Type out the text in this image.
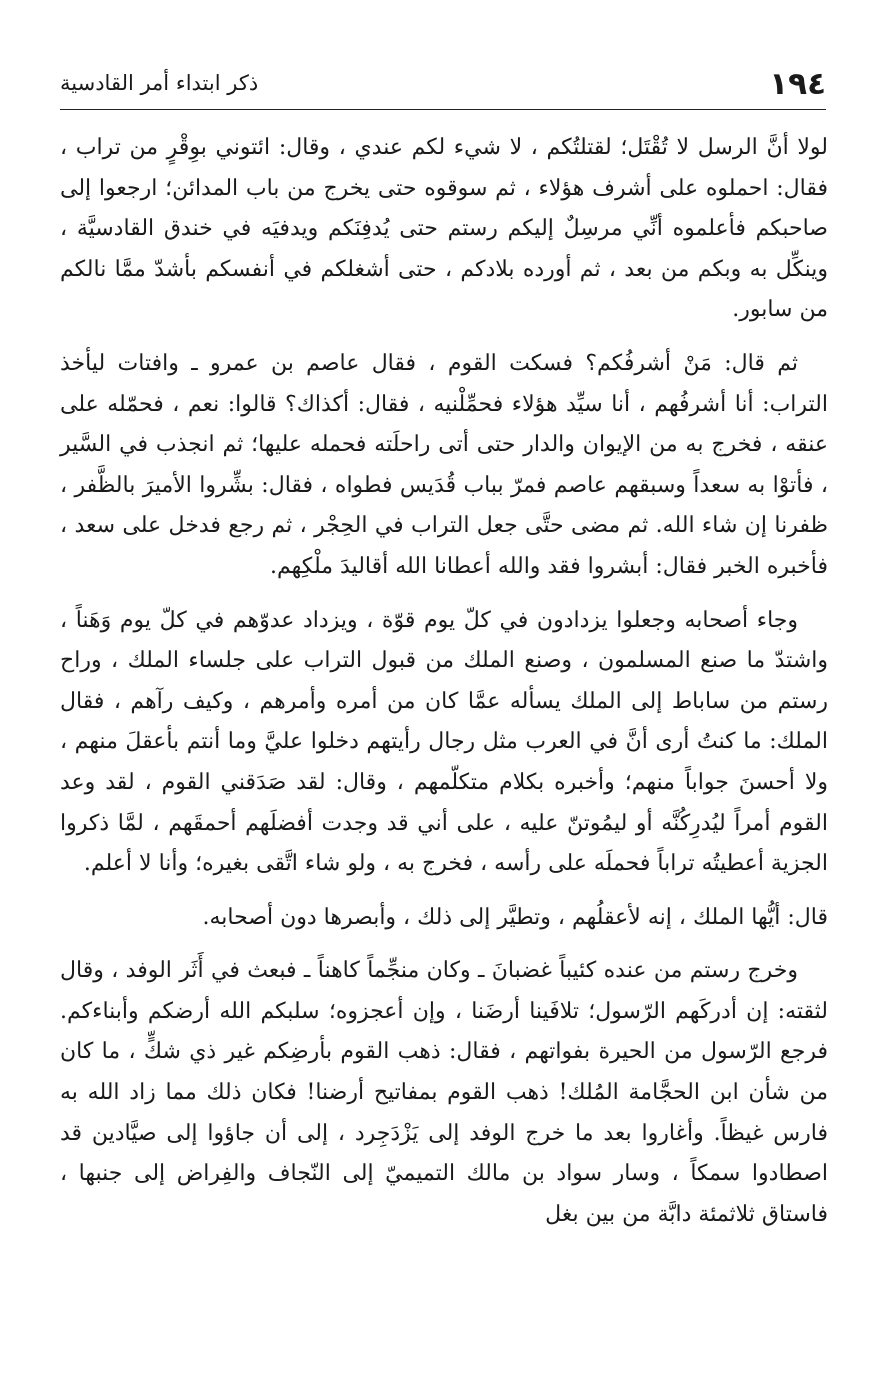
١٩٤
ذكر ابتداء أمر القادسية

لولا أنَّ الرسل لا تُقْتَل؛ لقتلتُكم ، لا شيء لكم عندي ، وقال: ائتوني بوِقْرٍ من تراب ، فقال: احملوه على أشرف هؤلاء ، ثم سوقوه حتى يخرج من باب المدائن؛ ارجعوا إلى صاحبكم فأعلموه أنِّي مرسِلٌ إليكم رستم حتى يُدفِنَكم ويدفيَه في خندق القادسيَّة ، وينكِّل به وبكم من بعد ، ثم أورده بلادكم ، حتى أشغلكم في أنفسكم بأشدّ ممَّا نالكم من سابور.

ثم قال: مَنْ أشرفُكم؟ فسكت القوم ، فقال عاصم بن عمرو ـ وافتات ليأخذ التراب: أنا أشرفُهم ، أنا سيِّد هؤلاء فحمِّلْنيه ، فقال: أكذاك؟ قالوا: نعم ، فحمّله على عنقه ، فخرج به من الإيوان والدار حتى أتى راحلَته فحمله عليها؛ ثم انجذب في السَّير ، فأتوْا به سعداً وسبقهم عاصم فمرّ بباب قُدَيس فطواه ، فقال: بشِّروا الأميرَ بالظَّفر ، ظفرنا إن شاء الله. ثم مضى حتَّى جعل التراب في الحِجْر ، ثم رجع فدخل على سعد ، فأخبره الخبر فقال: أبشروا فقد والله أعطانا الله أقاليدَ ملْكِهم.

وجاء أصحابه وجعلوا يزدادون في كلّ يوم قوّة ، ويزداد عدوّهم في كلّ يوم وَهَناً ، واشتدّ ما صنع المسلمون ، وصنع الملك من قبول التراب على جلساء الملك ، وراح رستم من ساباط إلى الملك يسأله عمَّا كان من أمره وأمرهم ، وكيف رآهم ، فقال الملك: ما كنتُ أرى أنَّ في العرب مثل رجال رأيتهم دخلوا عليَّ وما أنتم بأعقلَ منهم ، ولا أحسنَ جواباً منهم؛ وأخبره بكلام متكلّمهم ، وقال: لقد صَدَقني القوم ، لقد وعد القوم أمراً ليُدرِكُنَّه أو ليمُوتنّ عليه ، على أني قد وجدت أفضلَهم أحمقَهم ، لمَّا ذكروا الجزية أعطيتُه تراباً فحملَه على رأسه ، فخرج به ، ولو شاء اتَّقى بغيره؛ وأنا لا أعلم.

قال: أيُّها الملك ، إنه لأعقلُهم ، وتطيَّر إلى ذلك ، وأبصرها دون أصحابه.

وخرج رستم من عنده كئيباً غضبانَ ـ وكان منجِّماً كاهناً ـ فبعث في أَثَر الوفد ، وقال لثقته: إن أدركَهم الرّسول؛ تلافَينا أرضَنا ، وإن أعجزوه؛ سلبكم الله أرضكم وأبناءكم. فرجع الرّسول من الحيرة بفواتهم ، فقال: ذهب القوم بأرضِكم غير ذي شكٍّ ، ما كان من شأن ابن الحجَّامة المُلك! ذهب القوم بمفاتيح أرضنا! فكان ذلك مما زاد الله به فارس غيظاً. وأغاروا بعد ما خرج الوفد إلى يَزْدَجِرد ، إلى أن جاؤوا إلى صيَّادين قد اصطادوا سمكاً ، وسار سواد بن مالك التميميّ إلى النّجاف والفِراض إلى جنبها ، فاستاق ثلاثمئة دابَّة من بين بغل
